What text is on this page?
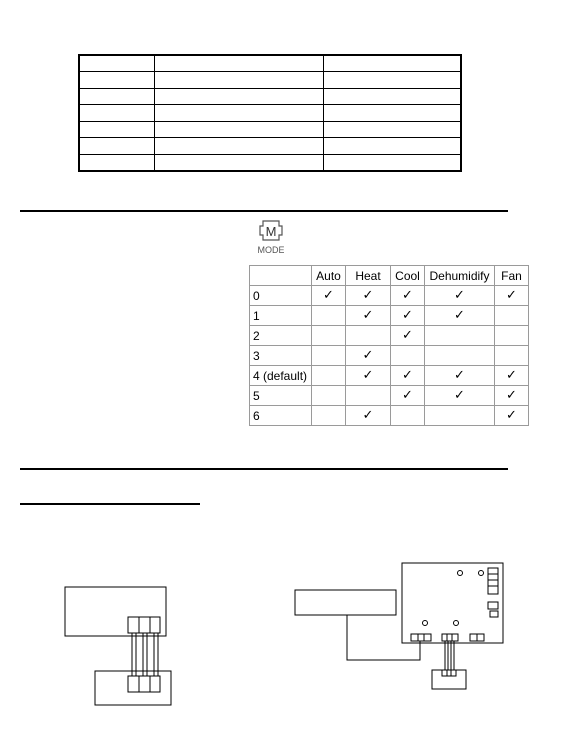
M
MODE
	Auto	Heat	Cool	Dehumidify	Fan
0	✓	✓	✓	✓	✓
1		✓	✓	✓	
2			✓		
3		✓			
4 (default)		✓	✓	✓	✓
5			✓	✓	✓
6		✓			✓
